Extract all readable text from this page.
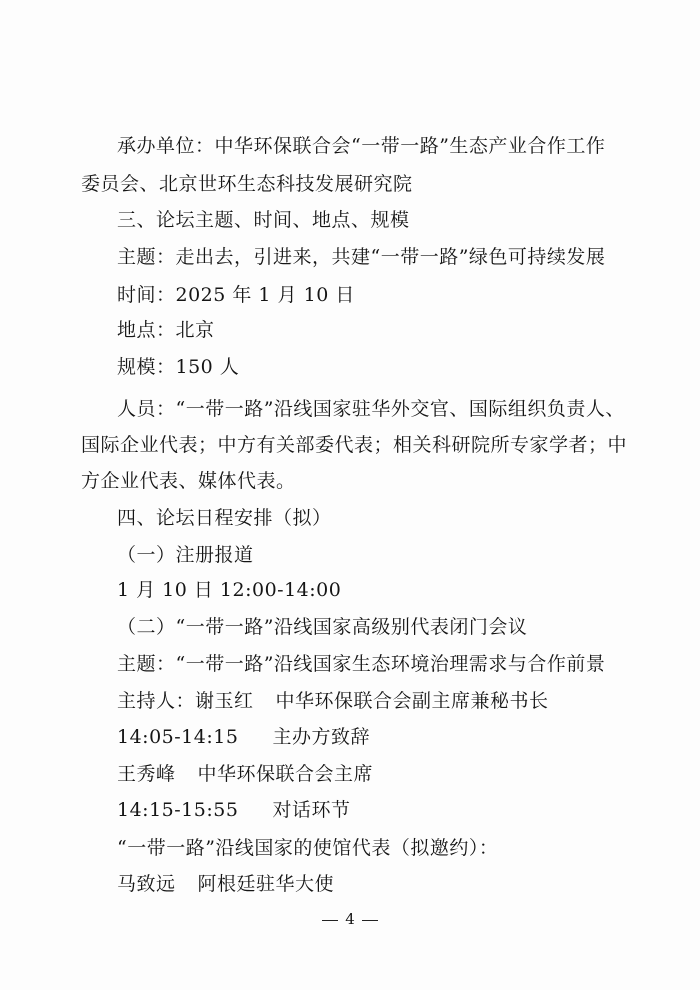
承办单位：中华环保联合会“一带一路”生态产业合作工作
委员会、北京世环生态科技发展研究院
三、论坛主题、时间、地点、规模
主题：走出去，引进来，共建“一带一路”绿色可持续发展
时间：2025 年 1 月 10 日
地点：北京
规模：150 人
人员：“一带一路”沿线国家驻华外交官、国际组织负责人、
国际企业代表；中方有关部委代表；相关科研院所专家学者；中
方企业代表、媒体代表。
四、论坛日程安排（拟）
（一）注册报道
1 月 10 日 12:00-14:00
（二）“一带一路”沿线国家高级别代表闭门会议
主题：“一带一路”沿线国家生态环境治理需求与合作前景
主持人：谢玉红 中华环保联合会副主席兼秘书长
14:05-14:15 主办方致辞
王秀峰 中华环保联合会主席
14:15-15:55 对话环节
“一带一路”沿线国家的使馆代表（拟邀约）：
马致远 阿根廷驻华大使
4
